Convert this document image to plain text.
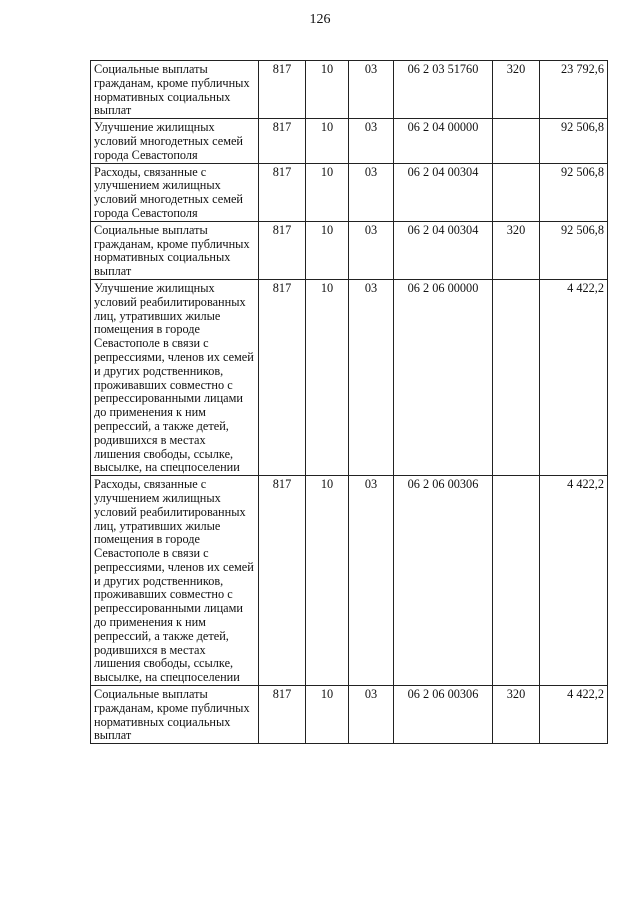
126
Социальные выплаты гражданам, кроме публичных нормативных социальных выплат	817	10	03	06 2 03 51760	320	23 792,6
Улучшение жилищных условий многодетных семей города Севастополя	817	10	03	06 2 04 00000		92 506,8
Расходы, связанные с улучшением жилищных условий многодетных семей города Севастополя	817	10	03	06 2 04 00304		92 506,8
Социальные выплаты гражданам, кроме публичных нормативных социальных выплат	817	10	03	06 2 04 00304	320	92 506,8
Улучшение жилищных условий реабилитированных лиц, утративших жилые помещения в городе Севастополе в связи с репрессиями, членов их семей и других родственников, проживавших совместно с репрессированными лицами до применения к ним репрессий, а также детей, родившихся в местах лишения свободы, ссылке, высылке, на спецпоселении	817	10	03	06 2 06 00000		4 422,2
Расходы, связанные с улучшением жилищных условий реабилитированных лиц, утративших жилые помещения в городе Севастополе в связи с репрессиями, членов их семей и других родственников, проживавших совместно с репрессированными лицами до применения к ним репрессий, а также детей, родившихся в местах лишения свободы, ссылке, высылке, на спецпоселении	817	10	03	06 2 06 00306		4 422,2
Социальные выплаты гражданам, кроме публичных нормативных социальных выплат	817	10	03	06 2 06 00306	320	4 422,2
